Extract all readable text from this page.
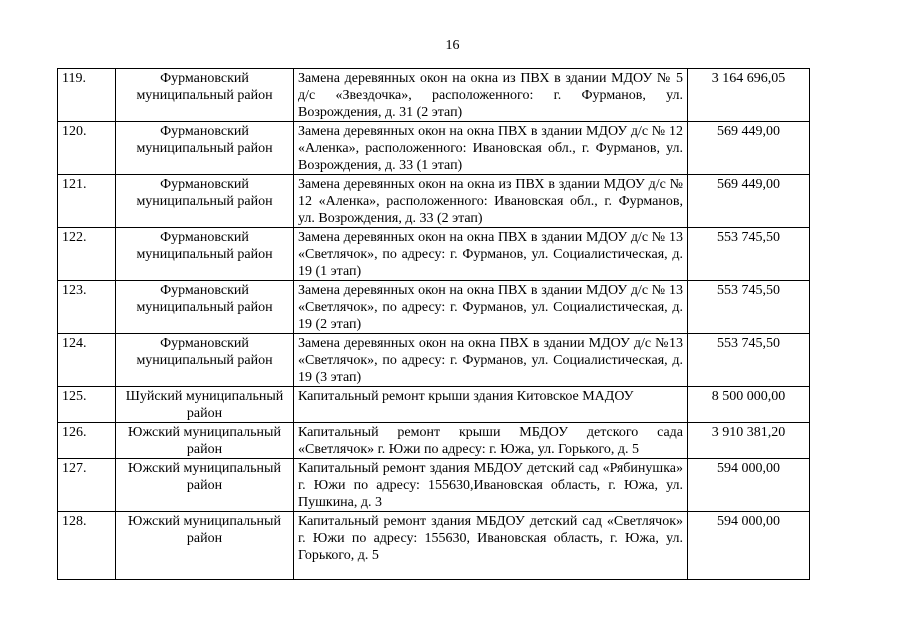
16
119.	Фурмановский муниципальный район	Замена деревянных окон на окна из ПВХ в здании МДОУ № 5 д/с «Звездочка», расположенного: г. Фурманов, ул. Возрождения, д. 31 (2 этап)	3 164 696,05
120.	Фурмановский муниципальный район	Замена деревянных окон на окна ПВХ в здании МДОУ д/с № 12 «Аленка», расположенного: Ивановская обл., г. Фурманов, ул. Возрождения, д. 33 (1 этап)	569 449,00
121.	Фурмановский муниципальный район	Замена деревянных окон на окна из ПВХ в здании МДОУ д/с № 12 «Аленка», расположенного: Ивановская обл., г. Фурманов, ул. Возрождения, д. 33 (2 этап)	569 449,00
122.	Фурмановский муниципальный район	Замена деревянных окон на окна ПВХ в здании МДОУ д/с № 13 «Светлячок», по адресу: г. Фурманов, ул. Социалистическая, д. 19 (1 этап)	553 745,50
123.	Фурмановский муниципальный район	Замена деревянных окон на окна ПВХ в здании МДОУ д/с № 13 «Светлячок», по адресу: г. Фурманов, ул. Социалистическая, д. 19 (2 этап)	553 745,50
124.	Фурмановский муниципальный район	Замена деревянных окон на окна ПВХ в здании МДОУ д/с №13 «Светлячок», по адресу: г. Фурманов, ул. Социалистическая, д. 19 (3 этап)	553 745,50
125.	Шуйский муниципальный район	Капитальный ремонт крыши здания Китовское МАДОУ	8 500 000,00
126.	Южский муниципальный район	Капитальный ремонт крыши МБДОУ детского сада «Светлячок» г. Южи по адресу: г. Южа, ул. Горького, д. 5	3 910 381,20
127.	Южский муниципальный район	Капитальный ремонт здания МБДОУ детский сад «Рябинушка» г. Южи по адресу: 155630,Ивановская область, г. Южа, ул. Пушкина, д. 3	594 000,00
128.	Южский муниципальный район	Капитальный ремонт здания МБДОУ детский сад «Светлячок» г. Южи по адресу: 155630, Ивановская область, г. Южа, ул. Горького, д. 5	594 000,00
